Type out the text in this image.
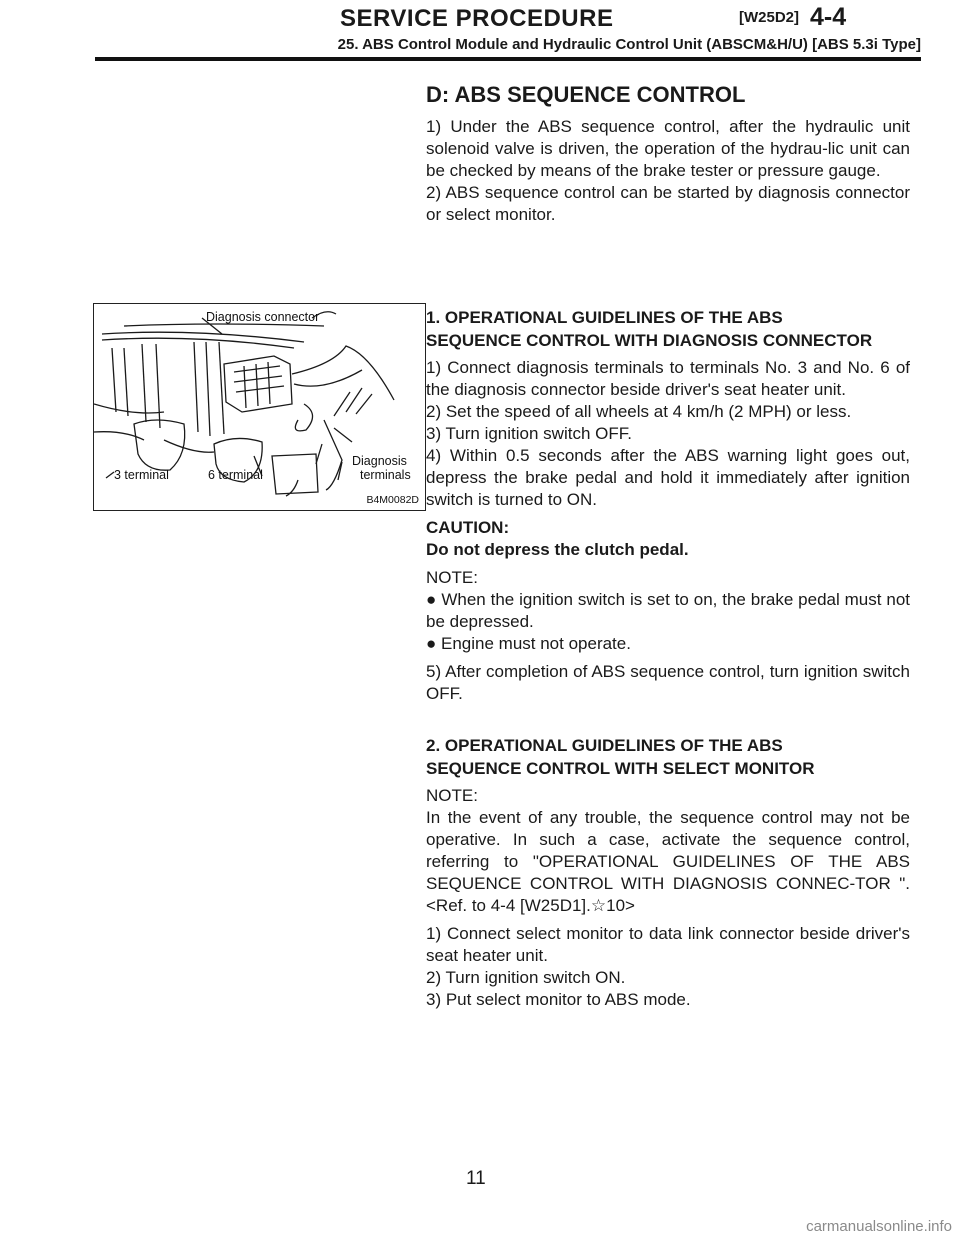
SERVICE PROCEDURE	[W25D2] 4-4
25. ABS Control Module and Hydraulic Control Unit (ABSCM&H/U) [ABS 5.3i Type]

D: ABS SEQUENCE CONTROL

1) Under the ABS sequence control, after the hydraulic unit solenoid valve is driven, the operation of the hydrau-lic unit can be checked by means of the brake tester or pressure gauge.

2) ABS sequence control can be started by diagnosis connector or select monitor.

Diagnosis connector
Diagnosis
terminals
3 terminal	6 terminal
B4M0082D

1. OPERATIONAL GUIDELINES OF THE ABS
SEQUENCE CONTROL WITH DIAGNOSIS CONNECTOR

1) Connect diagnosis terminals to terminals No. 3 and No. 6 of the diagnosis connector beside driver's seat heater unit.

2) Set the speed of all wheels at 4 km/h (2 MPH) or less.

3) Turn ignition switch OFF.

4) Within 0.5 seconds after the ABS warning light goes out, depress the brake pedal and hold it immediately after ignition switch is turned to ON.

CAUTION:

Do not depress the clutch pedal.

NOTE:

● When the ignition switch is set to on, the brake pedal must not be depressed.

● Engine must not operate.

5) After completion of ABS sequence control, turn ignition switch OFF.

2. OPERATIONAL GUIDELINES OF THE ABS
SEQUENCE CONTROL WITH SELECT MONITOR

NOTE:

In the event of any trouble, the sequence control may not be operative. In such a case, activate the sequence control, referring to "OPERATIONAL GUIDELINES OF THE ABS SEQUENCE CONTROL WITH DIAGNOSIS CONNEC-TOR ". <Ref. to 4-4 [W25D1].☆10>

1) Connect select monitor to data link connector beside driver's seat heater unit.

2) Turn ignition switch ON.

3) Put select monitor to ABS mode.

11
carmanualsonline.info
